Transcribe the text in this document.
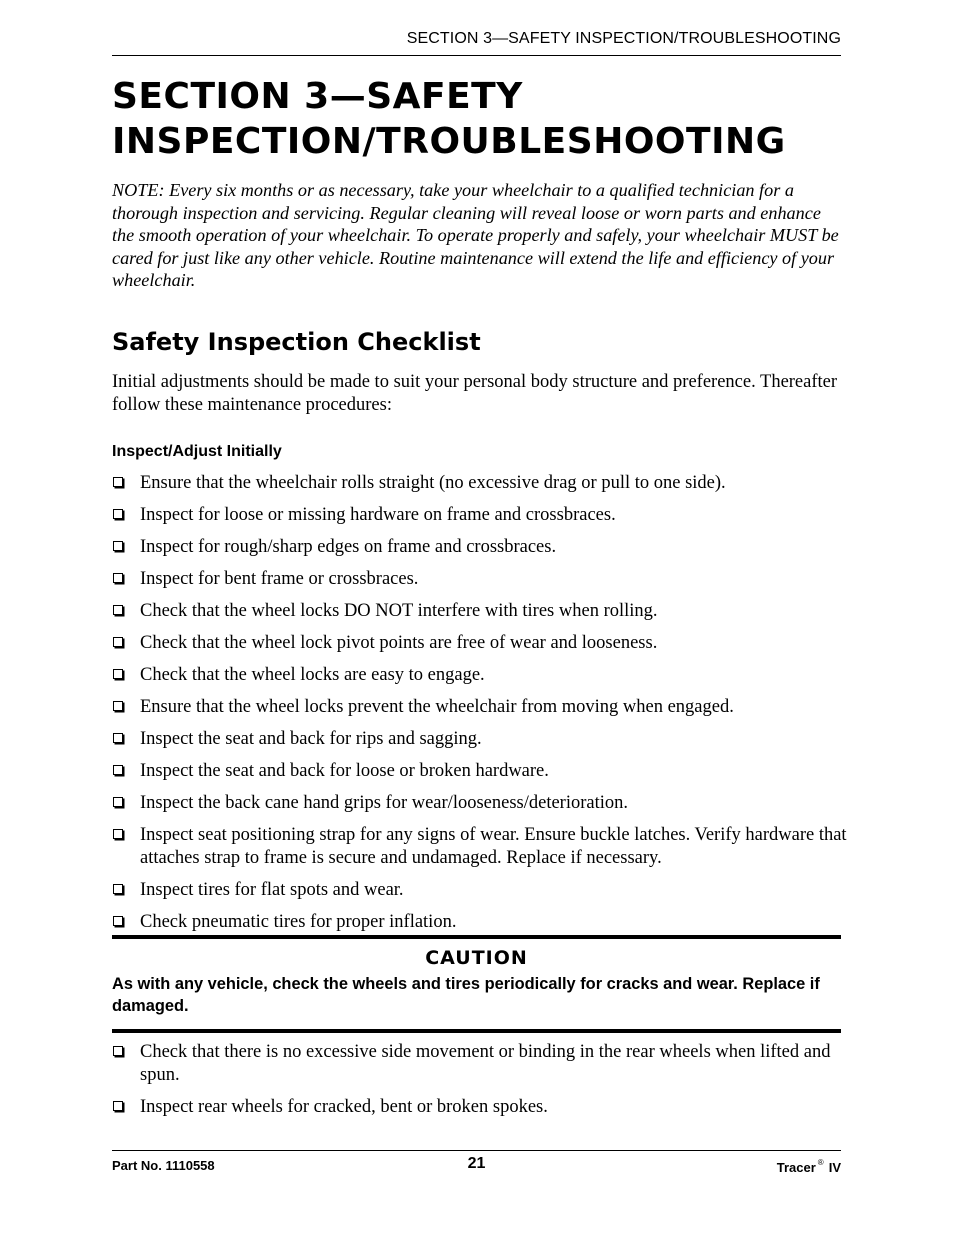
SECTION 3—SAFETY INSPECTION/TROUBLESHOOTING
SECTION 3—SAFETY
INSPECTION/TROUBLESHOOTING

NOTE: Every six months or as necessary, take your wheelchair to a qualified technician for a thorough inspection and servicing. Regular cleaning will reveal loose or worn parts and enhance the smooth operation of your wheelchair. To operate properly and safely, your wheelchair MUST be cared for just like any other vehicle. Routine maintenance will extend the life and efficiency of your wheelchair.

Safety Inspection Checklist

Initial adjustments should be made to suit your personal body structure and preference. Thereafter follow these maintenance procedures:

Inspect/Adjust Initially
Ensure that the wheelchair rolls straight (no excessive drag or pull to one side).
Inspect for loose or missing hardware on frame and crossbraces.
Inspect for rough/sharp edges on frame and crossbraces.
Inspect for bent frame or crossbraces.
Check that the wheel locks DO NOT interfere with tires when rolling.
Check that the wheel lock pivot points are free of wear and looseness.
Check that the wheel locks are easy to engage.
Ensure that the wheel locks prevent the wheelchair from moving when engaged.
Inspect the seat and back for rips and sagging.
Inspect the seat and back for loose or broken hardware.
Inspect the back cane hand grips for wear/looseness/deterioration.
Inspect seat positioning strap for any signs of wear. Ensure buckle latches. Verify hardware that attaches strap to frame is secure and undamaged. Replace if necessary.
Inspect tires for flat spots and wear.
Check pneumatic tires for proper inflation.
CAUTION

As with any vehicle, check the wheels and tires periodically for cracks and wear. Replace if damaged.

Check that there is no excessive side movement or binding in the rear wheels when lifted and spun.
Inspect rear wheels for cracked, bent or broken spokes.
Part No. 1110558	21	Tracer ® IV
